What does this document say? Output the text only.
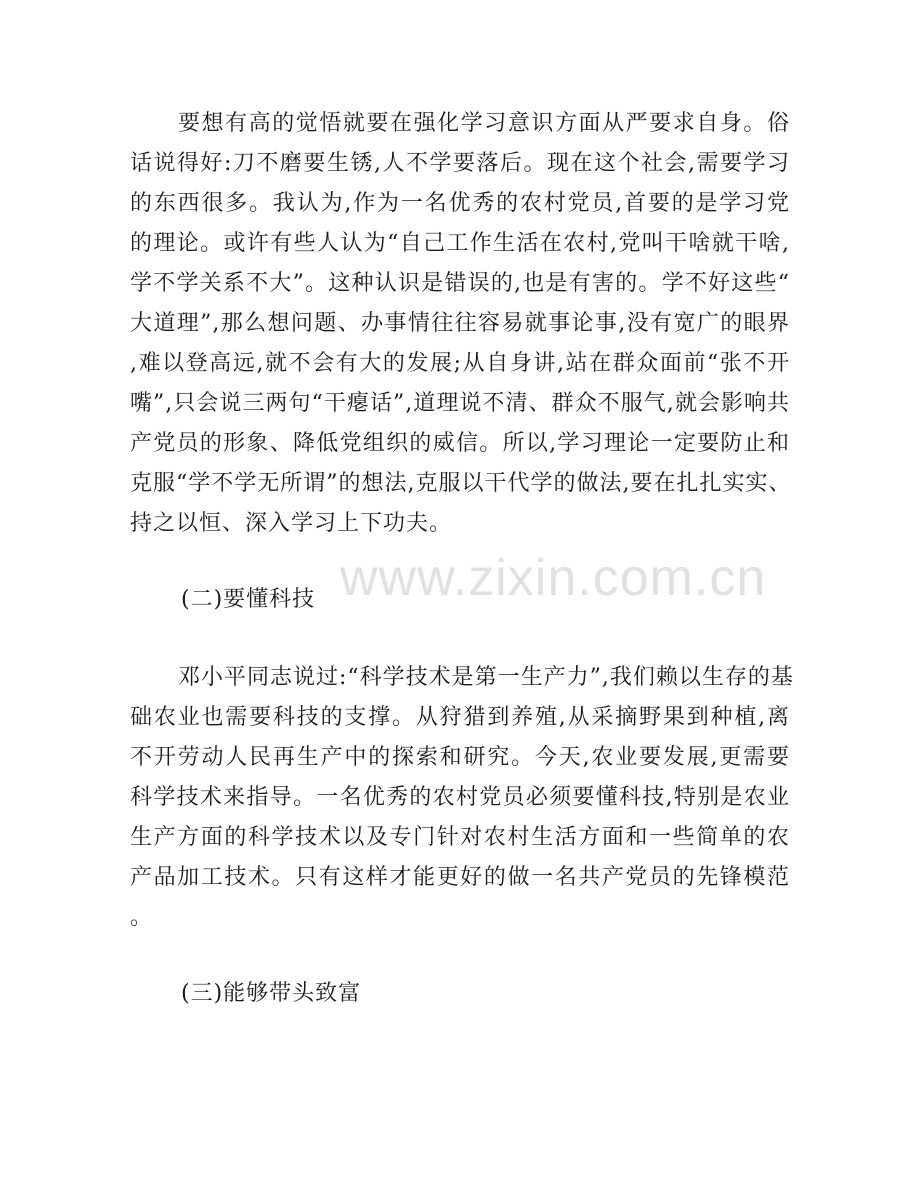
要想有高的觉悟就要在强化学习意识方面从严要求自身。俗
话说得好:刀不磨要生锈,人不学要落后。现在这个社会,需要学习
的东西很多。我认为,作为一名优秀的农村党员,首要的是学习党
的理论。或许有些人认为“自己工作生活在农村,党叫干啥就干啥,
学不学关系不大”。这种认识是错误的,也是有害的。学不好这些“
大道理”,那么想问题、办事情往往容易就事论事,没有宽广的眼界
,难以登高远,就不会有大的发展;从自身讲,站在群众面前“张不开
嘴”,只会说三两句“干瘪话”,道理说不清、群众不服气,就会影响共
产党员的形象、降低党组织的威信。所以,学习理论一定要防止和
克服“学不学无所谓”的想法,克服以干代学的做法,要在扎扎实实、
持之以恒、深入学习上下功夫。
(二)要懂科技
邓小平同志说过:“科学技术是第一生产力”,我们赖以生存的基
础农业也需要科技的支撑。从狩猎到养殖,从采摘野果到种植,离
不开劳动人民再生产中的探索和研究。今天,农业要发展,更需要
科学技术来指导。一名优秀的农村党员必须要懂科技,特别是农业
生产方面的科学技术以及专门针对农村生活方面和一些简单的农
产品加工技术。只有这样才能更好的做一名共产党员的先锋模范
。
(三)能够带头致富
www.zixin.com.cn
